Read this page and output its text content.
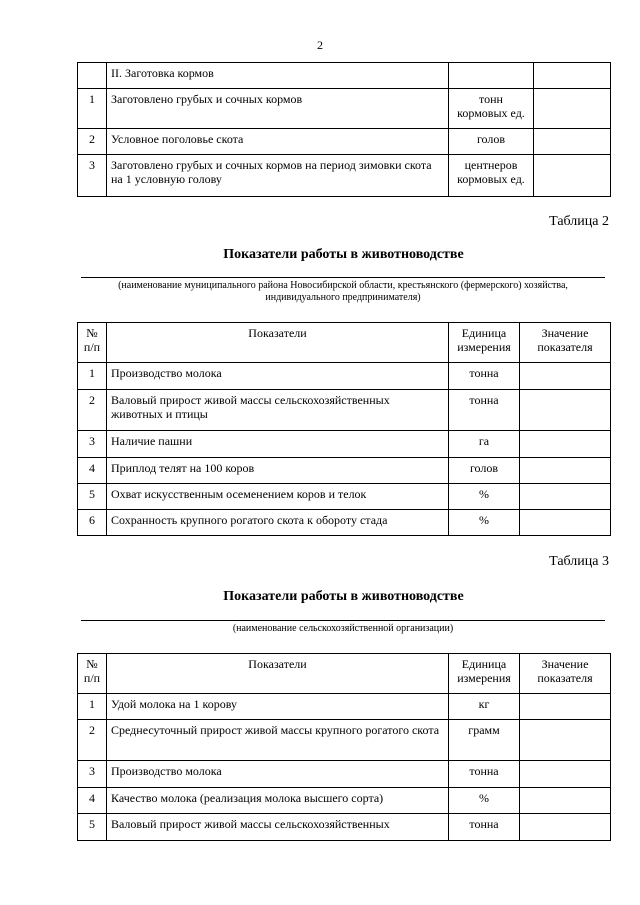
2
	II. Заготовка кормов		
1	Заготовлено грубых и сочных кормов	тонн кормовых ед.	
2	Условное поголовье скота	голов	
3	Заготовлено грубых и сочных кормов на период зимовки скота на 1 условную голову	центнеров кормовых ед.	
Таблица 2
Показатели работы в животноводстве
(наименование муниципального района Новосибирской области, крестьянского (фермерского) хозяйства, индивидуального предпринимателя)
№ п/п	Показатели	Единица измерения	Значение показателя
1	Производство молока	тонна	
2	Валовый прирост живой массы сельскохозяйственных животных и птицы	тонна	
3	Наличие пашни	га	
4	Приплод телят на 100 коров	голов	
5	Охват искусственным осеменением коров и телок	%	
6	Сохранность крупного рогатого скота к обороту стада	%	
Таблица 3
Показатели работы в животноводстве
(наименование сельскохозяйственной организации)
№ п/п	Показатели	Единица измерения	Значение показателя
1	Удой молока на 1 корову	кг	
2	Среднесуточный прирост живой массы крупного рогатого скота	грамм	
3	Производство молока	тонна	
4	Качество молока (реализация молока высшего сорта)	%	
5	Валовый прирост живой массы сельскохозяйственных	тонна	
